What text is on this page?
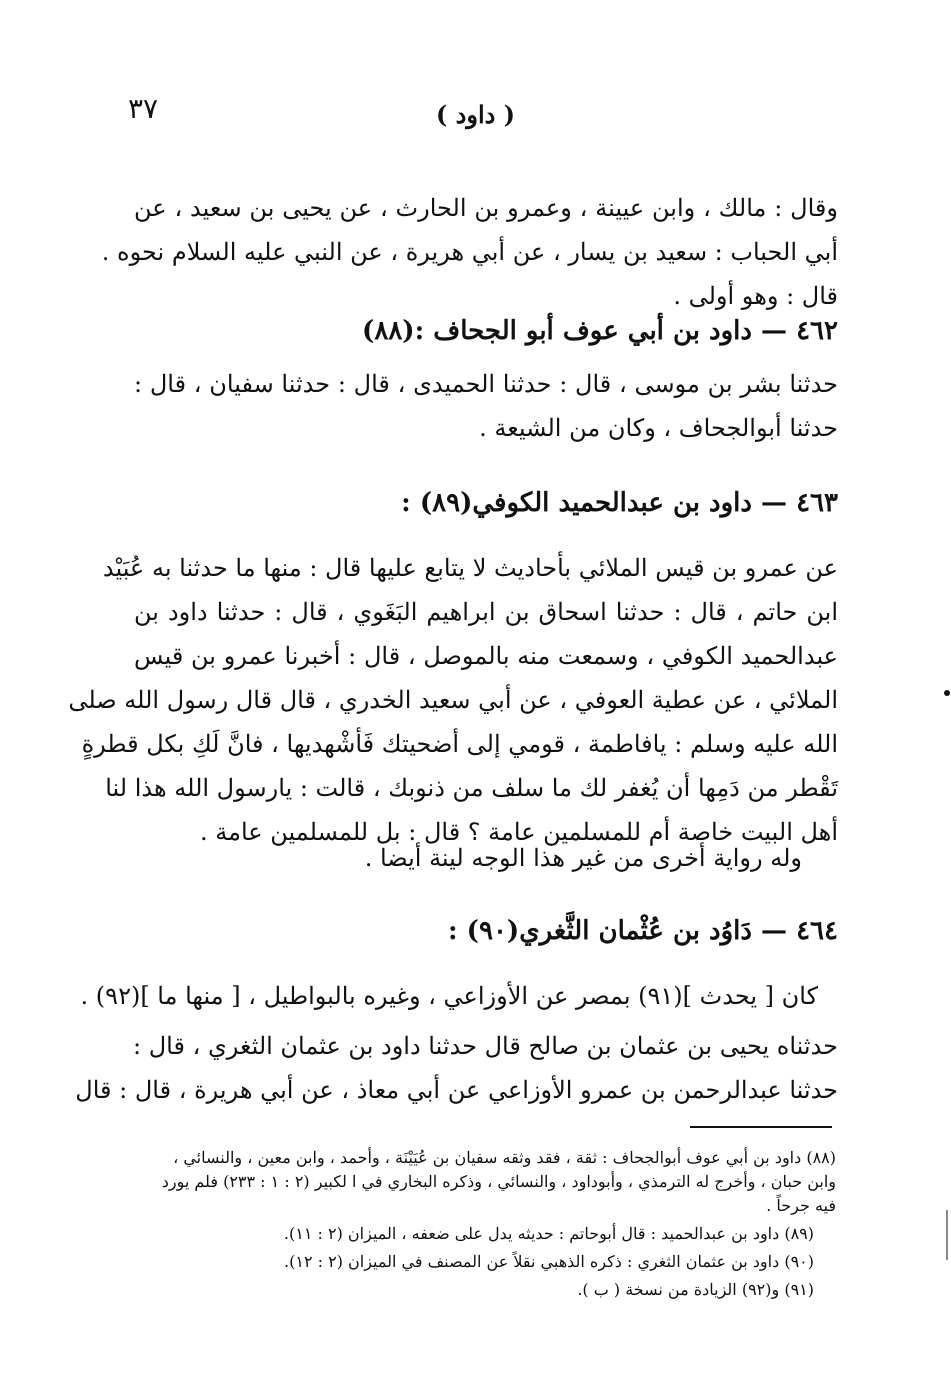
٣٧	( داود )
وقال : مالك ، وابن عيينة ، وعمرو بن الحارث ، عن يحيى بن سعيد ، عن
أبي الحباب : سعيد بن يسار ، عن أبي هريرة ، عن النبي عليه السلام نحوه .
قال : وهو أولى .
٤٦٢ — داود بن أبي عوف أبو الجحاف :(٨٨)
حدثنا بشر بن موسى ، قال : حدثنا الحميدى ، قال : حدثنا سفيان ، قال :
حدثنا أبوالجحاف ، وكان من الشيعة .
٤٦٣ — داود بن عبدالحميد الكوفي(٨٩) :
عن عمرو بن قيس الملائي بأحاديث لا يتابع عليها قال : منها ما حدثنا به عُبَيْد
ابن حاتم ، قال : حدثنا اسحاق بن ابراهيم البَغَوي ، قال : حدثنا داود بن
عبدالحميد الكوفي ، وسمعت منه بالموصل ، قال : أخبرنا عمرو بن قيس
الملائي ، عن عطية العوفي ، عن أبي سعيد الخدري ، قال قال رسول الله صلى
الله عليه وسلم : يافاطمة ، قومي إلى أضحيتك فَأشْهديها ، فانَّ لَكِ بكل قطرةٍ
تَقْطر من دَمِها أن يُغفر لك ما سلف من ذنوبك ، قالت : يارسول الله هذا لنا
أهل البيت خاصة أم للمسلمين عامة ؟ قال : بل للمسلمين عامة .
وله رواية أخرى من غير هذا الوجه لينة أيضا .
٤٦٤ — دَاوُد بن عُثْمان الثَّغري(٩٠) :
كان [ يحدث ](٩١) بمصر عن الأوزاعي ، وغيره بالبواطيل ، [ منها ما ](٩٢) .
حدثناه يحيى بن عثمان بن صالح قال حدثنا داود بن عثمان الثغري ، قال :
حدثنا عبدالرحمن بن عمرو الأوزاعي عن أبي معاذ ، عن أبي هريرة ، قال : قال
(٨٨) داود بن أبي عوف أبوالجحاف : ثقة ، فقد وثقه سفيان بن عُيَيْنَة ، وأحمد ، وابن معين ، والنسائي ،
وابن حبان ، وأخرج له الترمذي ، وأبوداود ، والنسائي ، وذكره البخاري في ا لكبير (٢ : ١ : ٢٣٣) فلم يورد
فيه جرحاً .
(٨٩) داود بن عبدالحميد : قال أبوحاتم : حديثه يدل على ضعفه ، الميزان (٢ : ١١).
(٩٠) داود بن عثمان الثغري : ذكره الذهبي نقلاً عن المصنف في الميزان (٢ : ١٢).
(٩١) و(٩٢) الزيادة من نسخة ( ب ).
